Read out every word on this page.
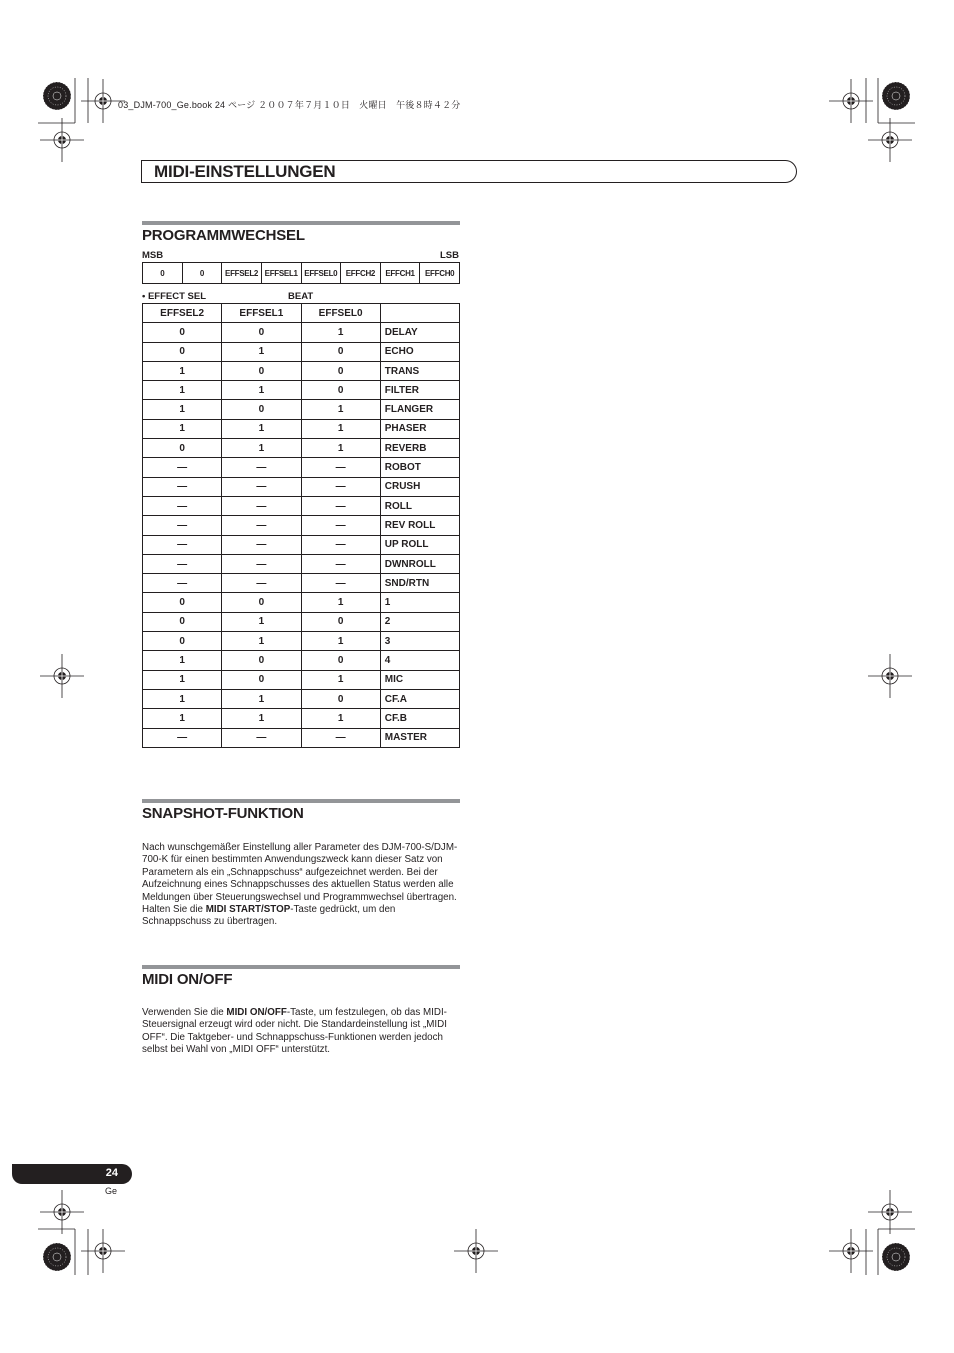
03_DJM-700_Ge.book 24 ページ ２００７年７月１０日　火曜日　午後８時４２分
MIDI-EINSTELLUNGEN
PROGRAMMWECHSEL
MSB	LSB
0	0	EFFSEL2	EFFSEL1	EFFSEL0	EFFCH2	EFFCH1	EFFCH0
• EFFECT SEL	BEAT
EFFSEL2	EFFSEL1	EFFSEL0	
0	0	1	DELAY
0	1	0	ECHO
1	0	0	TRANS
1	1	0	FILTER
1	0	1	FLANGER
1	1	1	PHASER
0	1	1	REVERB
—	—	—	ROBOT
—	—	—	CRUSH
—	—	—	ROLL
—	—	—	REV ROLL
—	—	—	UP ROLL
—	—	—	DWNROLL
—	—	—	SND/RTN
0	0	1	1
0	1	0	2
0	1	1	3
1	0	0	4
1	0	1	MIC
1	1	0	CF.A
1	1	1	CF.B
—	—	—	MASTER
SNAPSHOT-FUNKTION
Nach wunschgemäßer Einstellung aller Parameter des DJM-700-S/DJM-700-K für einen bestimmten Anwendungszweck kann dieser Satz von Parametern als ein „Schnappschuss“ aufgezeichnet werden. Bei der Aufzeichnung eines Schnappschusses des aktuellen Status werden alle Meldungen über Steuerungswechsel und Programmwechsel übertragen. Halten Sie die MIDI START/STOP-Taste gedrückt, um den Schnappschuss zu übertragen.
MIDI ON/OFF
Verwenden Sie die MIDI ON/OFF-Taste, um festzulegen, ob das MIDI-Steuersignal erzeugt wird oder nicht. Die Standardeinstellung ist „MIDI OFF“. Die Taktgeber- und Schnappschuss-Funktionen werden jedoch selbst bei Wahl von „MIDI OFF“ unterstützt.
24
Ge
